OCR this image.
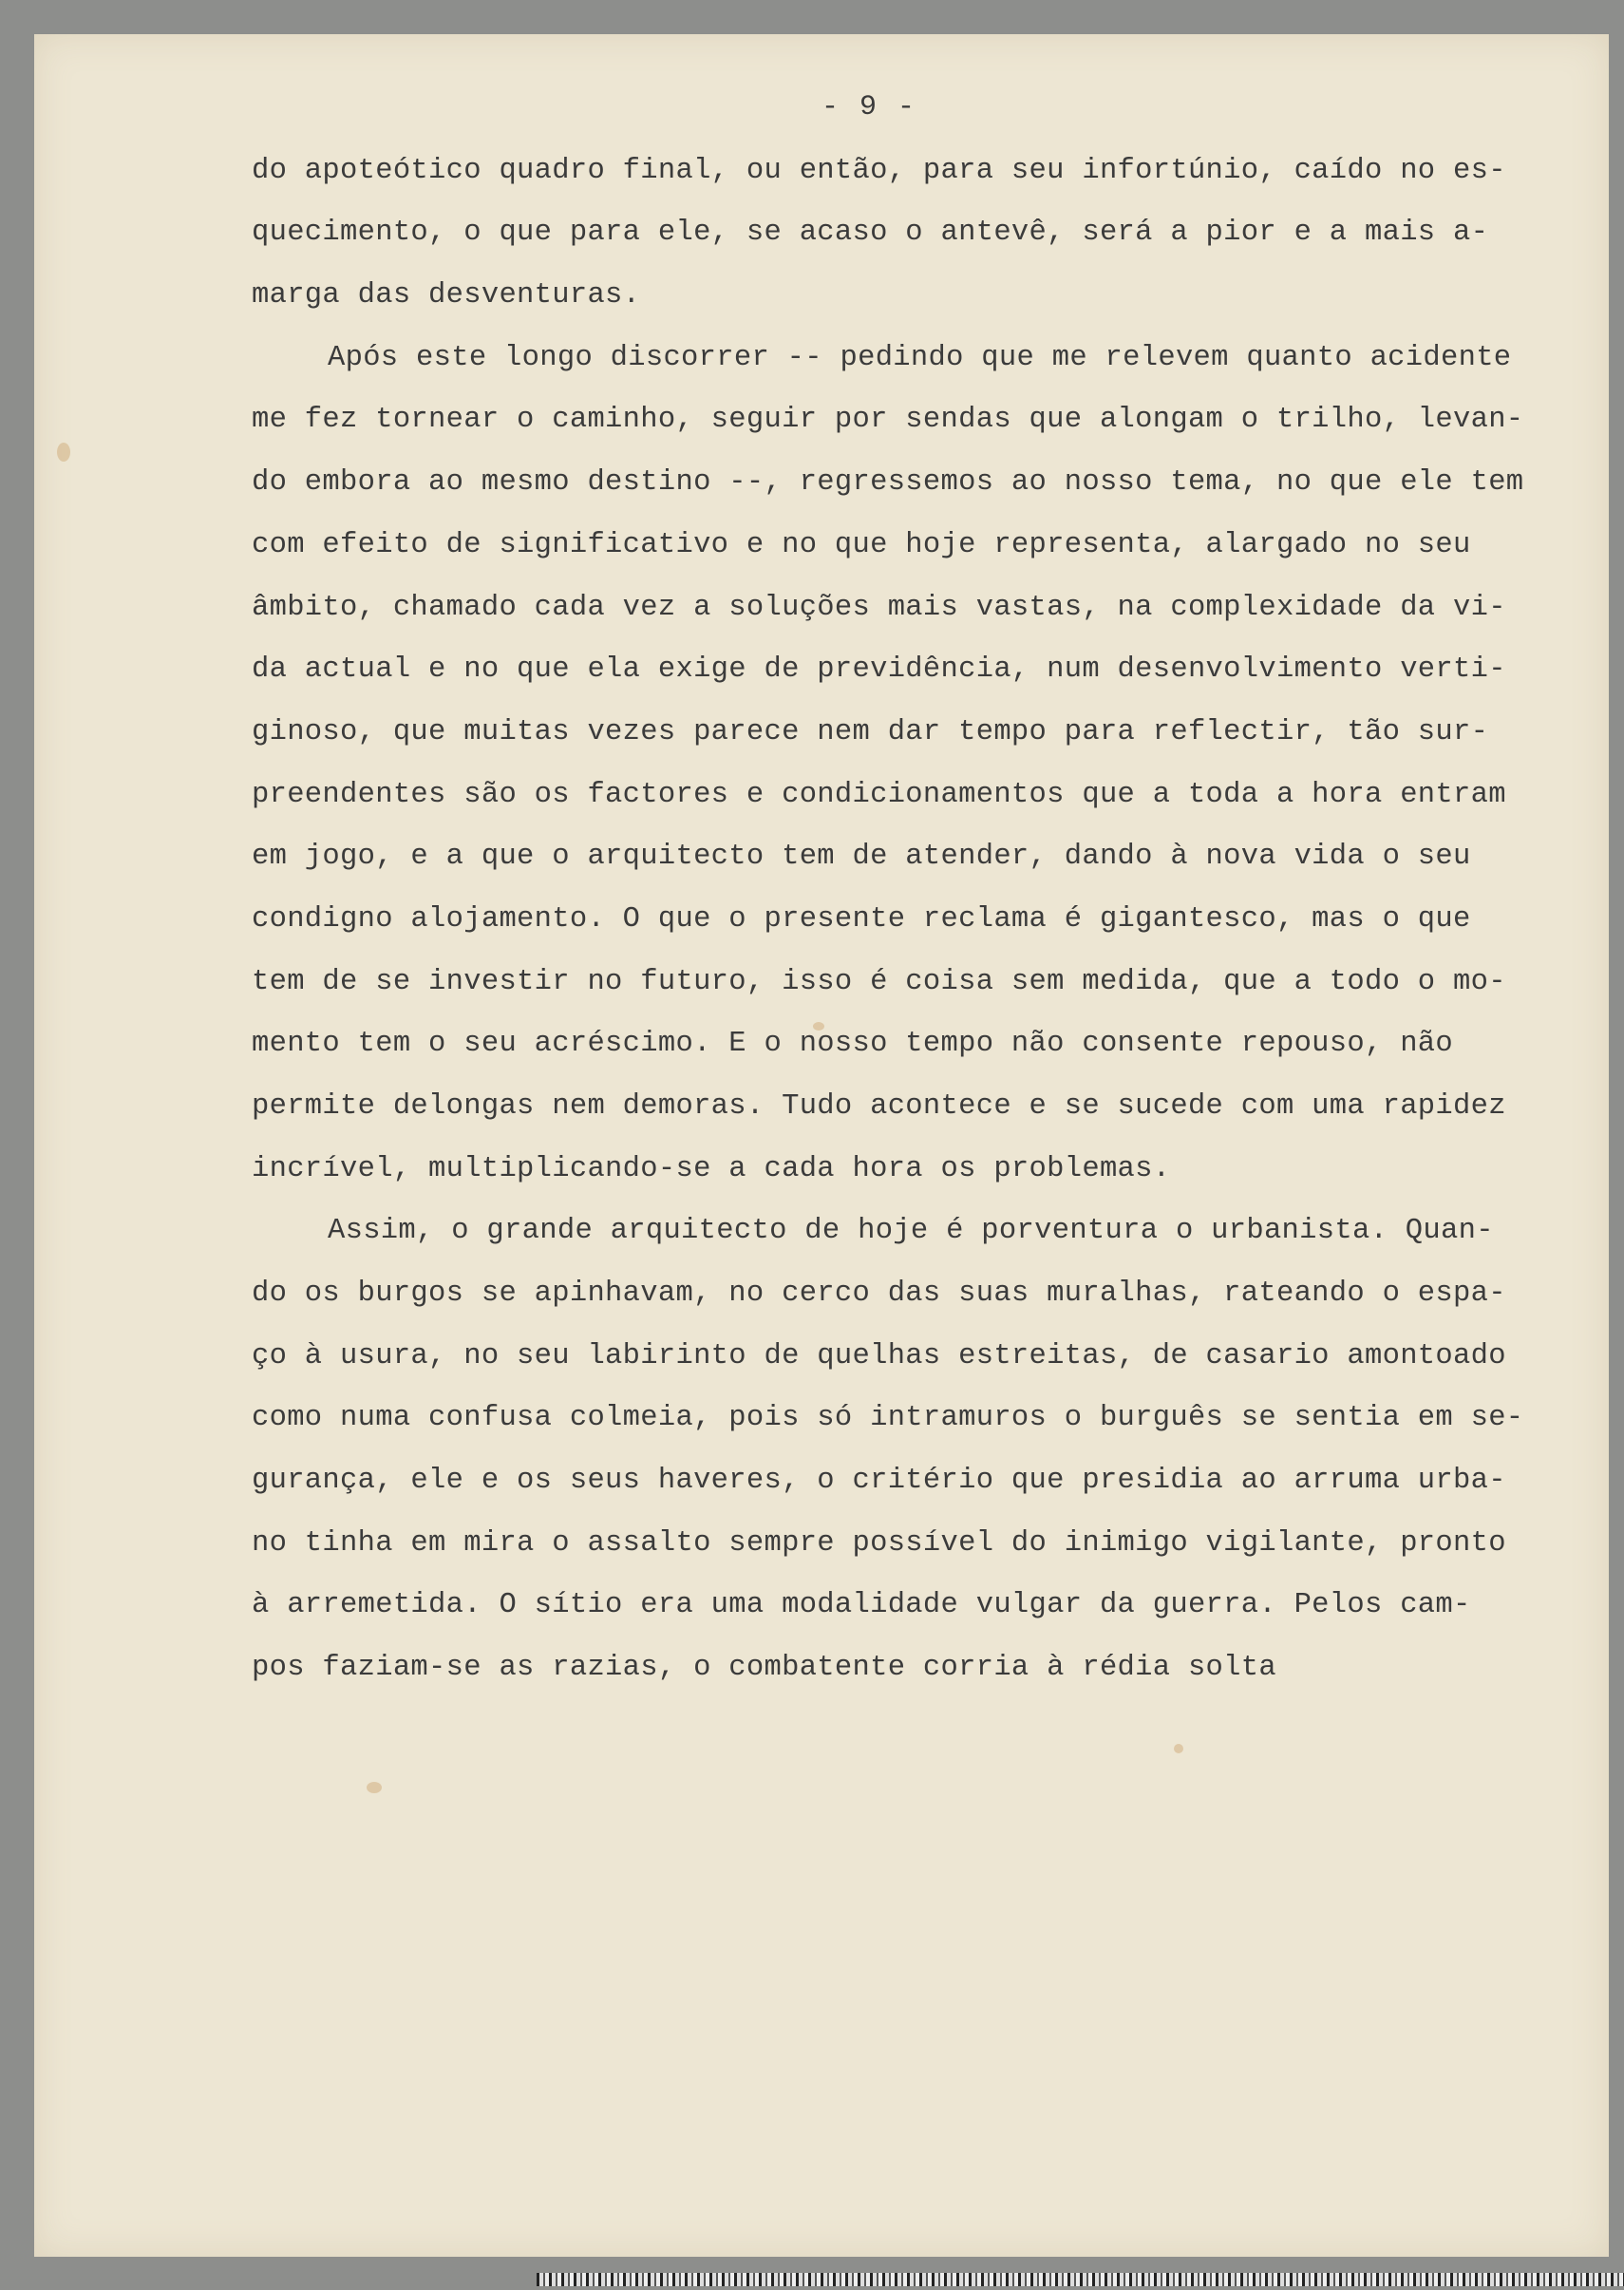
- 9 -
do apoteótico quadro final, ou então, para seu infortúnio, caído no es-
quecimento, o que para ele, se acaso o antevê, será a pior e a mais a-
marga das desventuras.
Após este longo discorrer -- pedindo que me relevem quanto acidente
me fez tornear o caminho, seguir por sendas que alongam o trilho, levan-
do embora ao mesmo destino --, regressemos ao nosso tema, no que ele tem
com efeito de significativo e no que hoje representa, alargado no seu
âmbito, chamado cada vez a soluções mais vastas, na complexidade da vi-
da actual e no que ela exige de previdência, num desenvolvimento verti-
ginoso, que muitas vezes parece nem dar tempo para reflectir, tão sur-
preendentes são os factores e condicionamentos que a toda a hora entram
em jogo, e a que o arquitecto tem de atender, dando à nova vida o seu
condigno alojamento. O que o presente reclama é gigantesco, mas o que
tem de se investir no futuro, isso é coisa sem medida, que a todo o mo-
mento tem o seu acréscimo. E o nosso tempo não consente repouso, não
permite delongas nem demoras. Tudo acontece e se sucede com uma rapidez
incrível, multiplicando-se a cada hora os problemas.
Assim, o grande arquitecto de hoje é porventura o urbanista. Quan-
do os burgos se apinhavam, no cerco das suas muralhas, rateando o espa-
ço à usura, no seu labirinto de quelhas estreitas, de casario amontoado
como numa confusa colmeia, pois só intramuros o burguês se sentia em se-
gurança, ele e os seus haveres, o critério que presidia ao arruma urba-
no tinha em mira o assalto sempre possível do inimigo vigilante, pronto
à arremetida. O sítio era uma modalidade vulgar da guerra. Pelos cam-
pos faziam-se as razias, o combatente corria à rédia solta
